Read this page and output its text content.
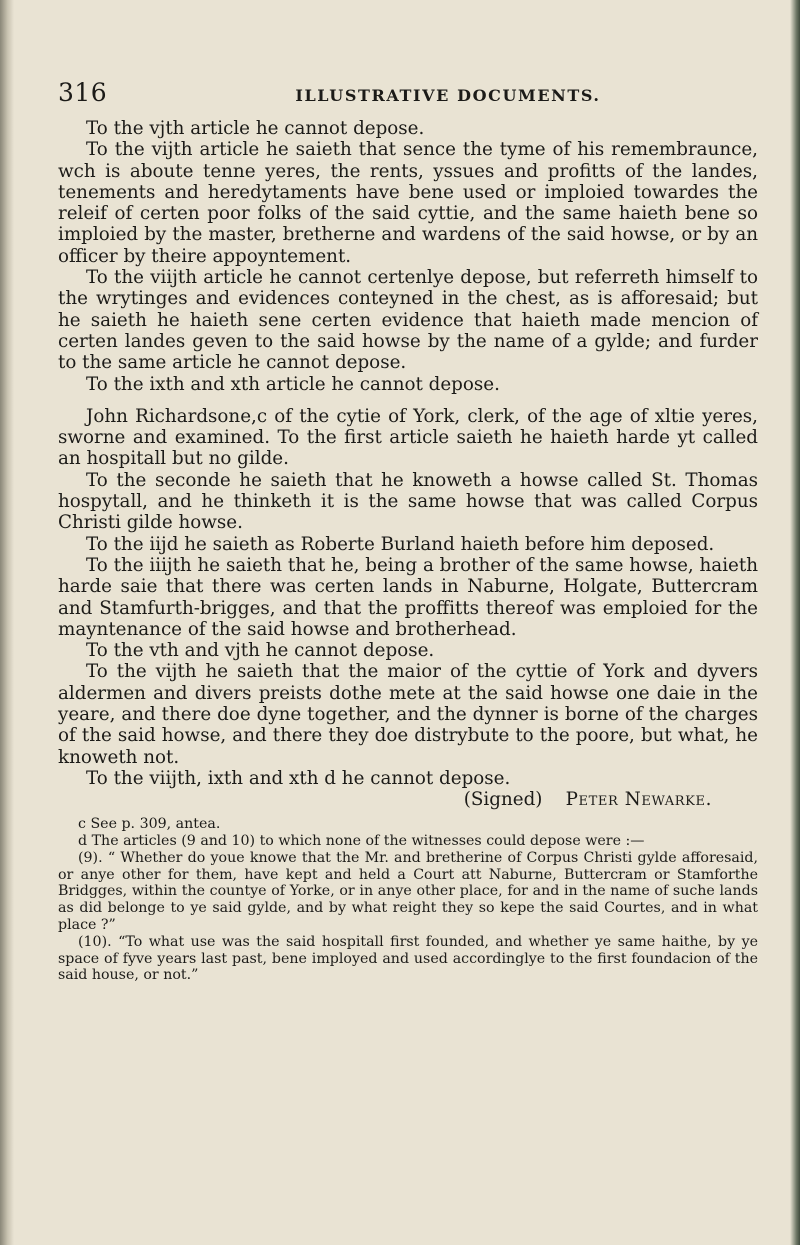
316	ILLUSTRATIVE DOCUMENTS.

To the vjth article he cannot depose.

To the vijth article he saieth that sence the tyme of his remembraunce, wch is aboute tenne yeres, the rents, yssues and profitts of the landes, tenements and heredytaments have bene used or imploied towardes the releif of certen poor folks of the said cyttie, and the same haieth bene so imploied by the master, bretherne and wardens of the said howse, or by an officer by theire appoyntement.

To the viijth article he cannot certenlye depose, but referreth himself to the wrytinges and evidences conteyned in the chest, as is afforesaid; but he saieth he haieth sene certen evidence that haieth made mencion of certen landes geven to the said howse by the name of a gylde; and furder to the same article he cannot depose.

To the ixth and xth article he cannot depose.

John Richardsone,c of the cytie of York, clerk, of the age of xltie yeres, sworne and examined. To the first article saieth he haieth harde yt called an hospitall but no gilde.

To the seconde he saieth that he knoweth a howse called St. Thomas hospytall, and he thinketh it is the same howse that was called Corpus Christi gilde howse.

To the iijd he saieth as Roberte Burland haieth before him deposed.

To the iiijth he saieth that he, being a brother of the same howse, haieth harde saie that there was certen lands in Naburne, Holgate, Buttercram and Stamfurth-brigges, and that the proffitts thereof was emploied for the mayntenance of the said howse and brotherhead.

To the vth and vjth he cannot depose.

To the vijth he saieth that the maior of the cyttie of York and dyvers aldermen and divers preists dothe mete at the said howse one daie in the yeare, and there doe dyne together, and the dynner is borne of the charges of the said howse, and there they doe distrybute to the poore, but what, he knoweth not.

To the viijth, ixth and xth d he cannot depose.

(Signed) Peter Newarke.

c See p. 309, antea.

d The articles (9 and 10) to which none of the witnesses could depose were :—

(9). “ Whether do youe knowe that the Mr. and bretherine of Corpus Christi gylde afforesaid, or anye other for them, have kept and held a Court att Naburne, Buttercram or Stamforthe Bridgges, within the countye of Yorke, or in anye other place, for and in the name of suche lands as did belonge to ye said gylde, and by what reight they so kepe the said Courtes, and in what place ?”

(10). “To what use was the said hospitall first founded, and whether ye same haithe, by ye space of fyve years last past, bene imployed and used accordinglye to the first foundacion of the said house, or not.”
